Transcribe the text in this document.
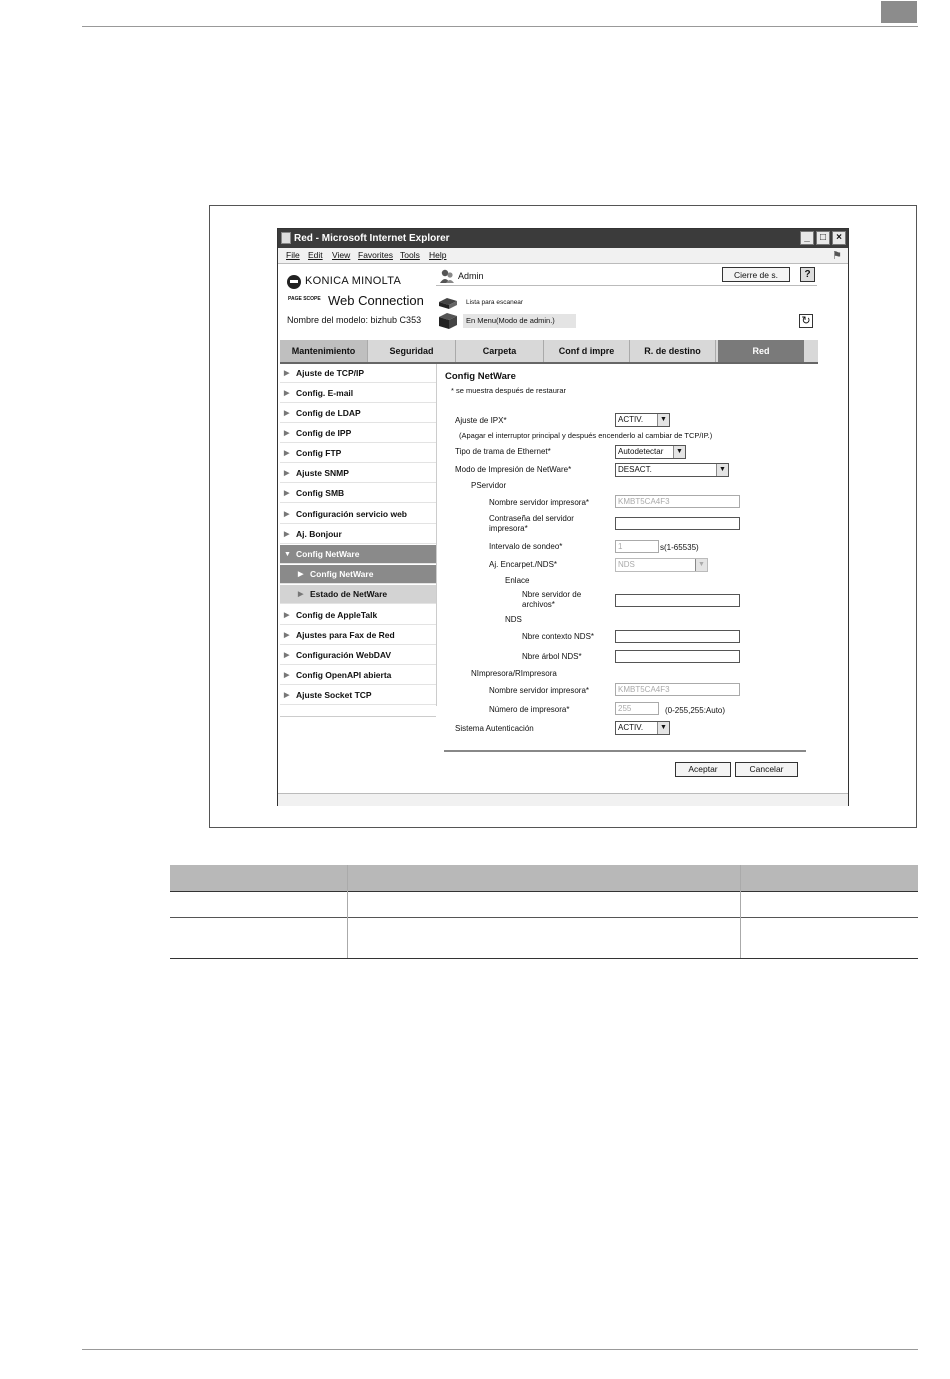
Red - Microsoft Internet Explorer	_	□	×
File Edit View Favorites Tools Help	⚑
KONICA MINOLTA
PAGE SCOPE Web Connection
Nombre del modelo: bizhub C353
Admin	Cierre de s.	?
Lista para escanear
En Menu(Modo de admin.)	↻
Mantenimiento	Seguridad	Carpeta	Conf d impre	R. de destino	Red
▶ Ajuste de TCP/IP
▶ Config. E-mail
▶ Config de LDAP
▶ Config de IPP
▶ Config FTP
▶ Ajuste SNMP
▶ Config SMB
▶ Configuración servicio web
▶ Aj. Bonjour
▼ Config NetWare
▶ Config NetWare
▶ Estado de NetWare
▶ Config de AppleTalk
▶ Ajustes para Fax de Red
▶ Configuración WebDAV
▶ Config OpenAPI abierta
▶ Ajuste Socket TCP
Config NetWare
* se muestra después de restaurar
Ajuste de IPX*	ACTIV.	▼
(Apagar el interruptor principal y después encenderlo al cambiar de TCP/IP.)
Tipo de trama de Ethernet*	Autodetectar	▼
Modo de Impresión de NetWare*	DESACT.	▼
PServidor
Nombre servidor impresora*	KMBT5CA4F3
Contraseña del servidor impresora*
Intervalo de sondeo*	1	s(1-65535)
Aj. Encarpet./NDS*	NDS	▼
Enlace
Nbre servidor de archivos*
NDS
Nbre contexto NDS*
Nbre árbol NDS*
NImpresora/RImpresora
Nombre servidor impresora*	KMBT5CA4F3
Número de impresora*	255	(0-255,255:Auto)
Sistema Autenticación	ACTIV.	▼
Aceptar	Cancelar
